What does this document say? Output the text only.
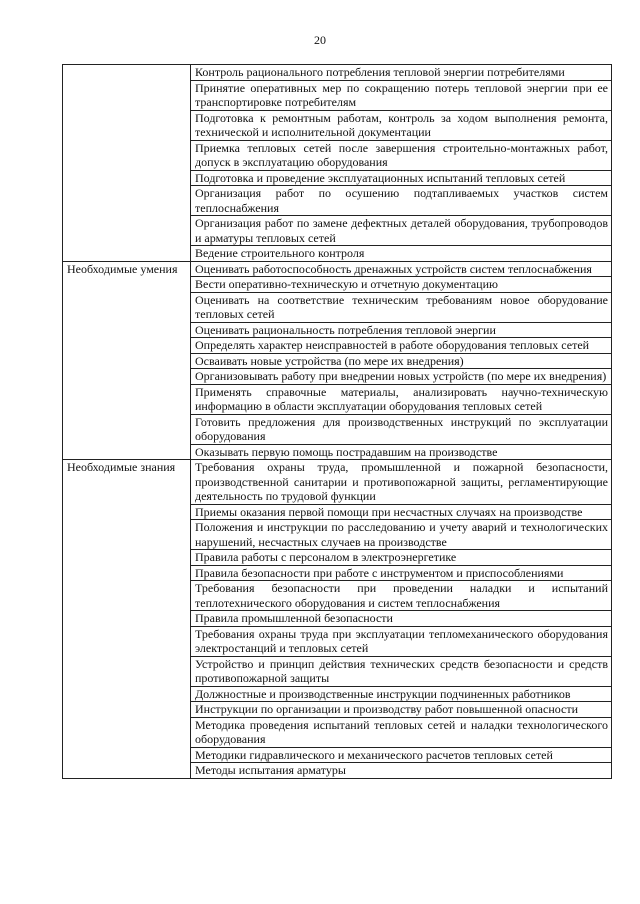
20
	Контроль рационального потребления тепловой энергии потребителями
	Принятие оперативных мер по сокращению потерь тепловой энергии при ее транспортировке потребителям
	Подготовка к ремонтным работам, контроль за ходом выполнения ремонта, технической и исполнительной документации
	Приемка тепловых сетей после завершения строительно-монтажных работ, допуск в эксплуатацию оборудования
	Подготовка и проведение эксплуатационных испытаний тепловых сетей
	Организация работ по осушению подтапливаемых участков систем теплоснабжения
	Организация работ по замене дефектных деталей оборудования, трубопроводов и арматуры тепловых сетей
	Ведение строительного контроля
Необходимые умения	Оценивать работоспособность дренажных устройств систем теплоснабжения
	Вести оперативно-техническую и отчетную документацию
	Оценивать на соответствие техническим требованиям новое оборудование тепловых сетей
	Оценивать рациональность потребления тепловой энергии
	Определять характер неисправностей в работе оборудования тепловых сетей
	Осваивать новые устройства (по мере их внедрения)
	Организовывать работу при внедрении новых устройств (по мере их внедрения)
	Применять справочные материалы, анализировать научно-техническую информацию в области эксплуатации оборудования тепловых сетей
	Готовить предложения для производственных инструкций по эксплуатации оборудования
	Оказывать первую помощь пострадавшим на производстве
Необходимые знания	Требования охраны труда, промышленной и пожарной безопасности, производственной санитарии и противопожарной защиты, регламентирующие деятельность по трудовой функции
	Приемы оказания первой помощи при несчастных случаях на производстве
	Положения и инструкции по расследованию и учету аварий и технологических нарушений, несчастных случаев на производстве
	Правила работы с персоналом в электроэнергетике
	Правила безопасности при работе с инструментом и приспособлениями
	Требования безопасности при проведении наладки и испытаний теплотехнического оборудования и систем теплоснабжения
	Правила промышленной безопасности
	Требования охраны труда при эксплуатации тепломеханического оборудования электростанций и тепловых сетей
	Устройство и принцип действия технических средств безопасности и средств противопожарной защиты
	Должностные и производственные инструкции подчиненных работников
	Инструкции по организации и производству работ повышенной опасности
	Методика проведения испытаний тепловых сетей и наладки технологического оборудования
	Методики гидравлического и механического расчетов тепловых сетей
	Методы испытания арматуры
